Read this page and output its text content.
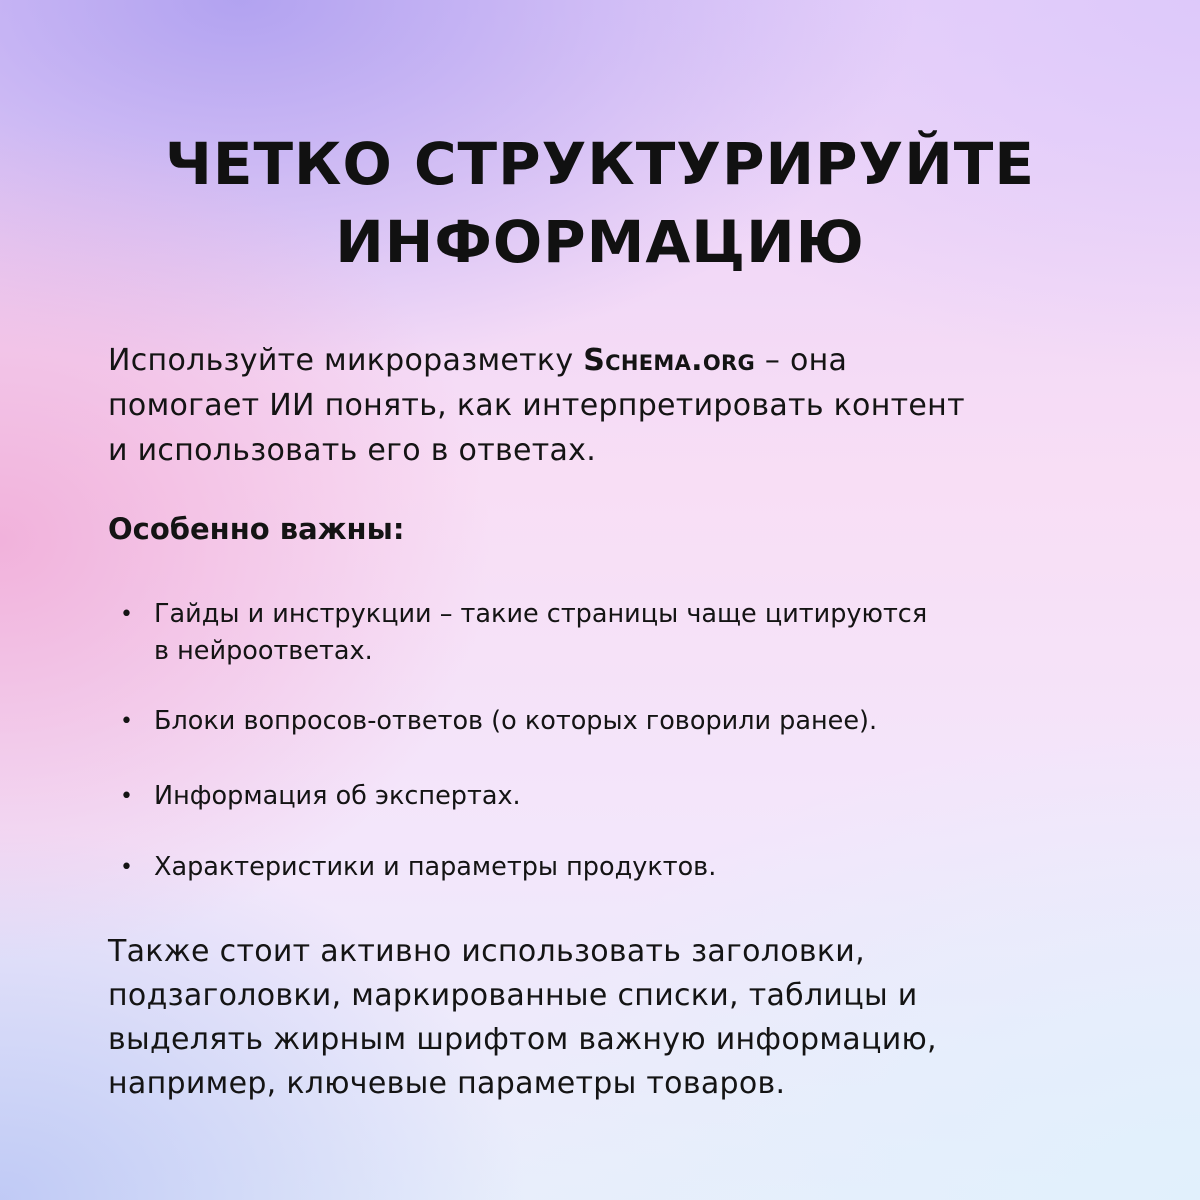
ЧЕТКО СТРУКТУРИРУЙТЕ
ИНФОРМАЦИЮ
Используйте микроразметку Schema.org – она
помогает ИИ понять, как интерпретировать контент
и использовать его в ответах.
Особенно важны:
• Гайды и инструкции – такие страницы чаще цитируются
в нейроответах.
• Блоки вопросов-ответов (о которых говорили ранее).
• Информация об экспертах.
• Характеристики и параметры продуктов.
Также стоит активно использовать заголовки,
подзаголовки, маркированные списки, таблицы и
выделять жирным шрифтом важную информацию,
например, ключевые параметры товаров.
